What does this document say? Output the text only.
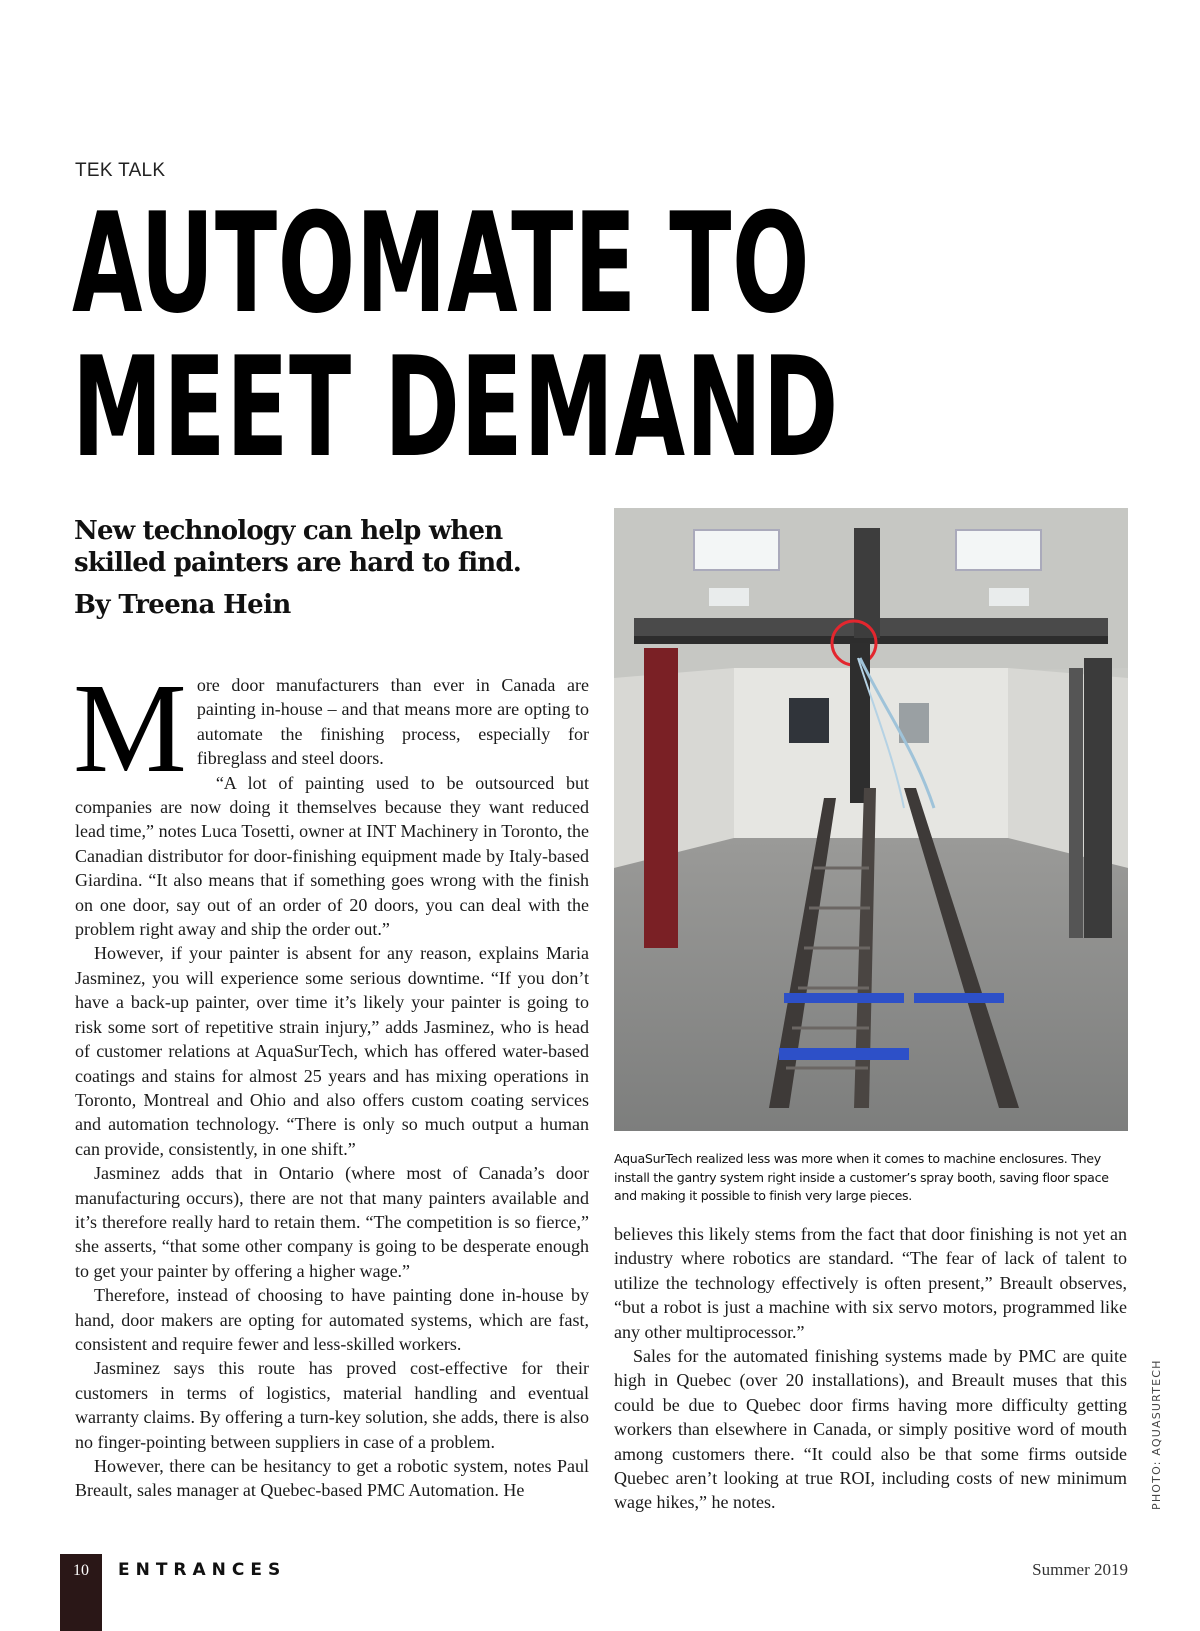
TEK TALK
AUTOMATE TO
MEET DEMAND
New technology can help when skilled painters are hard to find.
By Treena Hein

More door manufacturers than ever in Canada are painting in-house – and that means more are opting to automate the finishing process, especially for fibreglass and steel doors.

“A lot of painting used to be outsourced but companies are now doing it themselves because they want reduced lead time,” notes Luca Tosetti, owner at INT Machinery in Toronto, the Canadian distributor for door-finishing equipment made by Italy-based Giardina. “It also means that if something goes wrong with the finish on one door, say out of an order of 20 doors, you can deal with the problem right away and ship the order out.”

However, if your painter is absent for any reason, explains Maria Jasminez, you will experience some serious downtime. “If you don’t have a back-up painter, over time it’s likely your painter is going to risk some sort of repetitive strain injury,” adds Jasminez, who is head of customer relations at AquaSurTech, which has offered water-based coatings and stains for almost 25 years and has mixing operations in Toronto, Montreal and Ohio and also offers custom coating services and automation technology. “There is only so much output a human can provide, consistently, in one shift.”

Jasminez adds that in Ontario (where most of Canada’s door manufacturing occurs), there are not that many painters available and it’s therefore really hard to retain them. “The competition is so fierce,” she asserts, “that some other company is going to be desperate enough to get your painter by offering a higher wage.”

Therefore, instead of choosing to have painting done in-house by hand, door makers are opting for automated systems, which are fast, consistent and require fewer and less-skilled workers.

Jasminez says this route has proved cost-effective for their customers in terms of logistics, material handling and eventual warranty claims. By offering a turn-key solution, she adds, there is also no finger-pointing between suppliers in case of a problem.

However, there can be hesitancy to get a robotic system, notes Paul Breault, sales manager at Quebec-based PMC Automation. He

AquaSurTech realized less was more when it comes to machine enclosures. They install the gantry system right inside a customer’s spray booth, saving floor space and making it possible to finish very large pieces.

believes this likely stems from the fact that door finishing is not yet an industry where robotics are standard. “The fear of lack of talent to utilize the technology effectively is often present,” Breault observes, “but a robot is just a machine with six servo motors, programmed like any other multiprocessor.”

Sales for the automated finishing systems made by PMC are quite high in Quebec (over 20 installations), and Breault muses that this could be due to Quebec door firms having more difficulty getting workers than elsewhere in Canada, or simply positive word of mouth among customers there. “It could also be that some firms outside Quebec aren’t looking at true ROI, including costs of new minimum wage hikes,” he notes.	PHOTO: AQUASURTECH
10	ENTRANCES	Summer 2019
